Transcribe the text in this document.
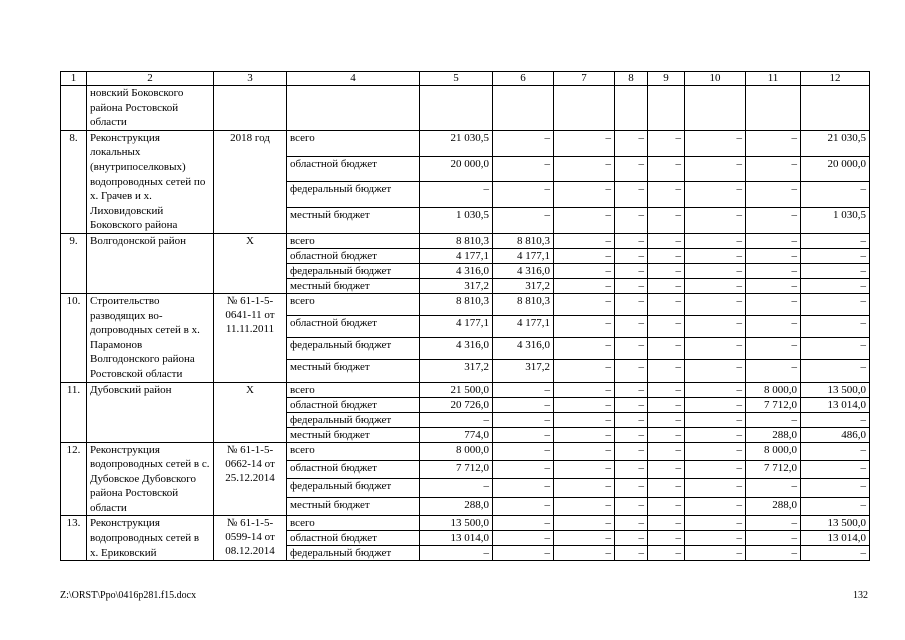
1	2	3	4	5	6	7	8	9	10	11	12
	новский Боковского района Ростовской области										
8.	Реконструкция локальных (внутрипоселковых) водопроводных сетей по х. Грачев и х. Лиховидовский Боковского района	2018 год	всего	21 030,5	–	–	–	–	–	–	21 030,5
			областной бюджет	20 000,0	–	–	–	–	–	–	20 000,0
			федеральный бюджет	–	–	–	–	–	–	–	–
			местный бюджет	1 030,5	–	–	–	–	–	–	1 030,5
9.	Волгодонской район	Х	всего	8 810,3	8 810,3	–	–	–	–	–	–
			областной бюджет	4 177,1	4 177,1	–	–	–	–	–	–
			федеральный бюджет	4 316,0	4 316,0	–	–	–	–	–	–
			местный бюджет	317,2	317,2	–	–	–	–	–	–
10.	Строительство разводящих во-допроводных сетей в х. Парамонов Волгодонского района Ростовской области	№ 61-1-5-0641-11 от 11.11.2011	всего	8 810,3	8 810,3	–	–	–	–	–	–
			областной бюджет	4 177,1	4 177,1	–	–	–	–	–	–
			федеральный бюджет	4 316,0	4 316,0	–	–	–	–	–	–
			местный бюджет	317,2	317,2	–	–	–	–	–	–
11.	Дубовский район	Х	всего	21 500,0	–	–	–	–	–	8 000,0	13 500,0
			областной бюджет	20 726,0	–	–	–	–	–	7 712,0	13 014,0
			федеральный бюджет	–	–	–	–	–	–	–	–
			местный бюджет	774,0	–	–	–	–	–	288,0	486,0
12.	Реконструкция водопроводных сетей в с. Дубовское Дубовского района Ростовской области	№ 61-1-5-0662-14 от 25.12.2014	всего	8 000,0	–	–	–	–	–	8 000,0	–
			областной бюджет	7 712,0	–	–	–	–	–	7 712,0	–
			федеральный бюджет	–	–	–	–	–	–	–	–
			местный бюджет	288,0	–	–	–	–	–	288,0	–
13.	Реконструкция водопроводных сетей в х. Ериковский	№ 61-1-5-0599-14 от 08.12.2014	всего	13 500,0	–	–	–	–	–	–	13 500,0
			областной бюджет	13 014,0	–	–	–	–	–	–	13 014,0
			федеральный бюджет	–	–	–	–	–	–	–	–
Z:\ORST\Ppo\0416p281.f15.docx	132
